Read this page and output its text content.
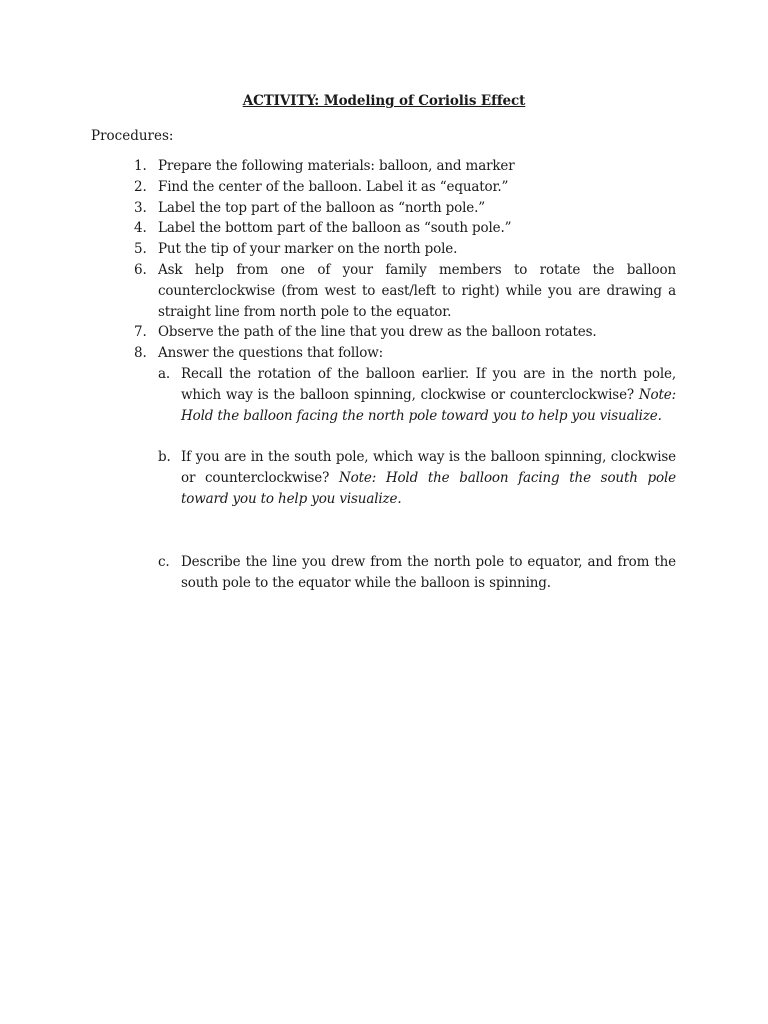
ACTIVITY: Modeling of Coriolis Effect
Procedures:
1. Prepare the following materials: balloon, and marker
2. Find the center of the balloon. Label it as “equator.”
3. Label the top part of the balloon as “north pole.”
4. Label the bottom part of the balloon as “south pole.”
5. Put the tip of your marker on the north pole.
6. Ask help from one of your family members to rotate the balloon counterclockwise (from west to east/left to right) while you are drawing a straight line from north pole to the equator.
7. Observe the path of the line that you drew as the balloon rotates.
8. Answer the questions that follow:
a. Recall the rotation of the balloon earlier. If you are in the north pole, which way is the balloon spinning, clockwise or counterclockwise? Note: Hold the balloon facing the north pole toward you to help you visualize.
b. If you are in the south pole, which way is the balloon spinning, clockwise or counterclockwise? Note: Hold the balloon facing the south pole toward you to help you visualize.
c. Describe the line you drew from the north pole to equator, and from the south pole to the equator while the balloon is spinning.
